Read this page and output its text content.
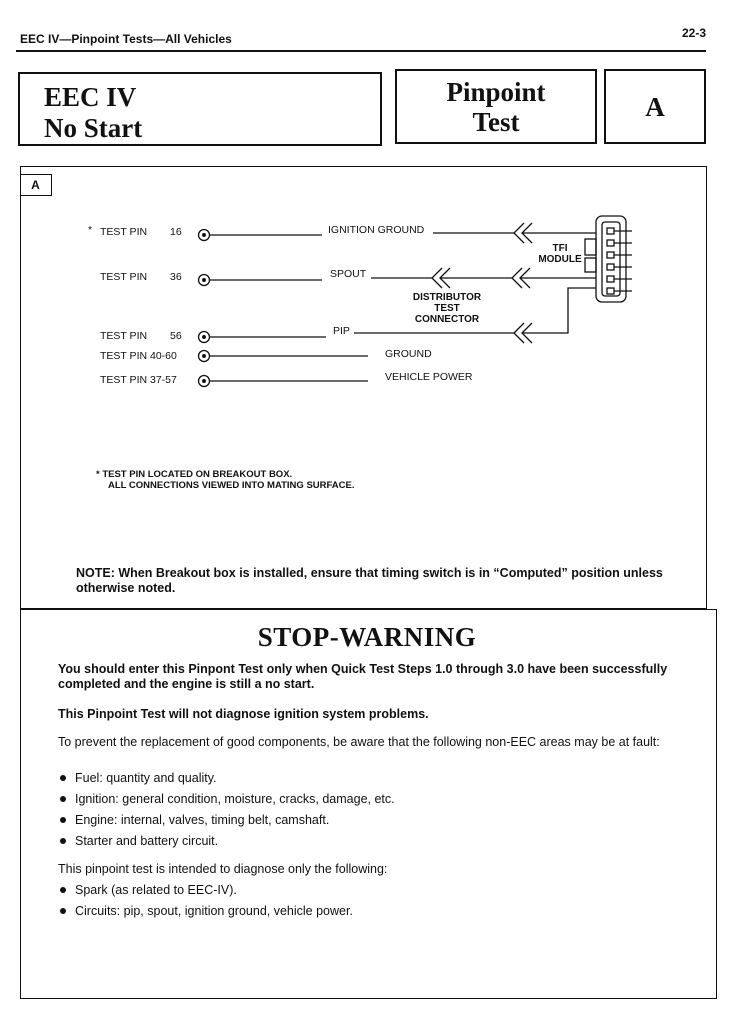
EEC IV—Pinpoint Tests—All Vehicles	22-3
EEC IV
No Start
Pinpoint
Test	A
A
* TEST PIN 16
TEST PIN 36
TEST PIN 56
TEST PIN 40-60
TEST PIN 37-57
IGNITION GROUND
SPOUT
PIP
GROUND
VEHICLE POWER
TFI
MODULE
DISTRIBUTOR
TEST
CONNECTOR
* TEST PIN LOCATED ON BREAKOUT BOX.
ALL CONNECTIONS VIEWED INTO MATING SURFACE.
NOTE: When Breakout box is installed, ensure that timing switch is in “Computed” position unless otherwise noted.
STOP-WARNING
You should enter this Pinpont Test only when Quick Test Steps 1.0 through 3.0 have been successfully completed and the engine is still a no start.
This Pinpoint Test will not diagnose ignition system problems.
To prevent the replacement of good components, be aware that the following non-EEC areas may be at fault:
Fuel: quantity and quality.
Ignition: general condition, moisture, cracks, damage, etc.
Engine: internal, valves, timing belt, camshaft.
Starter and battery circuit.
This pinpoint test is intended to diagnose only the following:
Spark (as related to EEC-IV).
Circuits: pip, spout, ignition ground, vehicle power.
